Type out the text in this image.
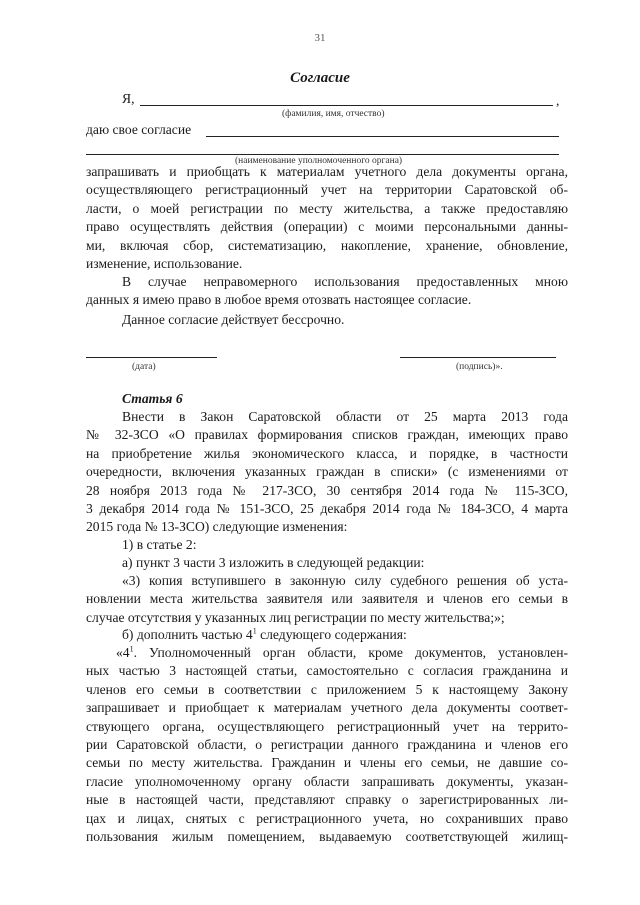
31
Согласие
Я,	,
(фамилия, имя, отчество)
даю свое согласие
(наименование уполномоченного органа)
запрашивать и приобщать к материалам учетного дела документы органа,
осуществляющего регистрационный учет на территории Саратовской об-
ласти, о моей регистрации по месту жительства, а также предоставляю
право осуществлять действия (операции) с моими персональными данны-
ми, включая сбор, систематизацию, накопление, хранение, обновление,
изменение, использование.
В случае неправомерного использования предоставленных мною
данных я имею право в любое время отозвать настоящее согласие.
Данное согласие действует бессрочно.
(дата)	(подпись)».
Статья 6
Внести в Закон Саратовской области от 25 марта 2013 года
№ 32-ЗСО «О правилах формирования списков граждан, имеющих право
на приобретение жилья экономического класса, и порядке, в частности
очередности, включения указанных граждан в списки» (с изменениями от
28 ноября 2013 года № 217-ЗСО, 30 сентября 2014 года № 115-ЗСО,
3 декабря 2014 года № 151-ЗСО, 25 декабря 2014 года № 184-ЗСО, 4 марта
2015 года № 13-ЗСО) следующие изменения:
1) в статье 2:
а) пункт 3 части 3 изложить в следующей редакции:
«3) копия вступившего в законную силу судебного решения об уста-
новлении места жительства заявителя или заявителя и членов его семьи в
случае отсутствия у указанных лиц регистрации по месту жительства;»;
б) дополнить частью $4^1$ следующего содержания:
«$4^1$. Уполномоченный орган области, кроме документов, установлен-
ных частью 3 настоящей статьи, самостоятельно с согласия гражданина и
членов его семьи в соответствии с приложением 5 к настоящему Закону
запрашивает и приобщает к материалам учетного дела документы соответ-
ствующего органа, осуществляющего регистрационный учет на террито-
рии Саратовской области, о регистрации данного гражданина и членов его
семьи по месту жительства. Гражданин и члены его семьи, не давшие со-
гласие уполномоченному органу области запрашивать документы, указан-
ные в настоящей части, представляют справку о зарегистрированных ли-
цах и лицах, снятых с регистрационного учета, но сохранивших право
пользования жилым помещением, выдаваемую соответствующей жилищ-
